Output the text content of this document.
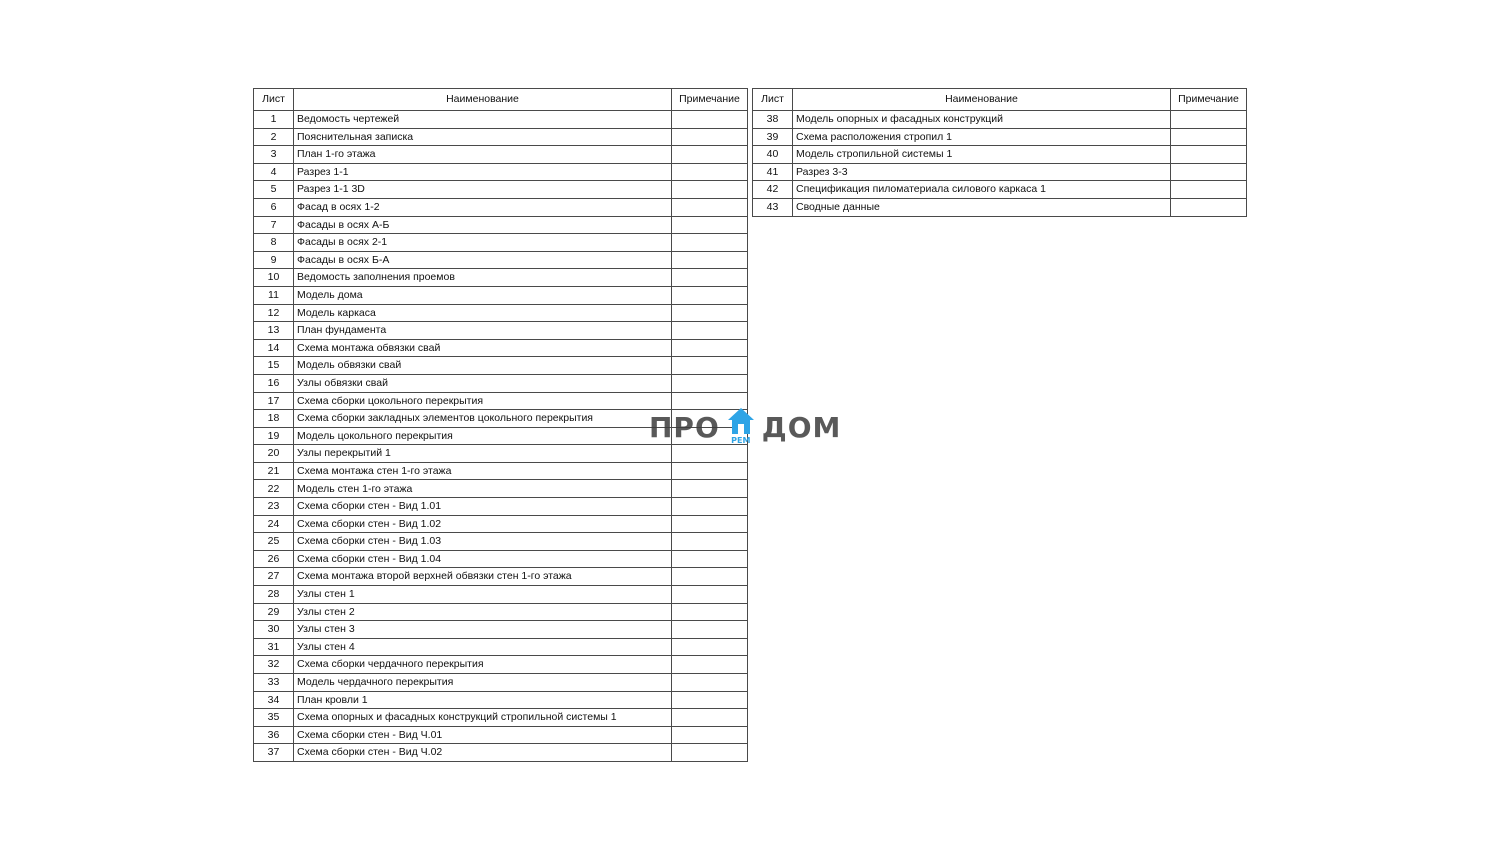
Лист	Наименование	Примечание
1	Ведомость чертежей	
2	Пояснительная записка	
3	План 1-го этажа	
4	Разрез 1-1	
5	Разрез 1-1 3D	
6	Фасад в осях 1-2	
7	Фасады в осях А-Б	
8	Фасады в осях 2-1	
9	Фасады в осях Б-А	
10	Ведомость заполнения проемов	
11	Модель дома	
12	Модель каркаса	
13	План фундамента	
14	Схема монтажа обвязки свай	
15	Модель обвязки свай	
16	Узлы обвязки свай	
17	Схема сборки цокольного перекрытия	
18	Схема сборки закладных элементов цокольного перекрытия	
19	Модель цокольного перекрытия	
20	Узлы перекрытий 1	
21	Схема монтажа стен 1-го этажа	
22	Модель стен 1-го этажа	
23	Схема сборки стен - Вид 1.01	
24	Схема сборки стен - Вид 1.02	
25	Схема сборки стен - Вид 1.03	
26	Схема сборки стен - Вид 1.04	
27	Схема монтажа второй верхней обвязки стен 1-го этажа	
28	Узлы стен 1	
29	Узлы стен 2	
30	Узлы стен 3	
31	Узлы стен 4	
32	Схема сборки чердачного перекрытия	
33	Модель чердачного перекрытия	
34	План кровли 1	
35	Схема опорных и фасадных конструкций стропильной системы 1	
36	Схема сборки стен - Вид Ч.01	
37	Схема сборки стен - Вид Ч.02	
Лист	Наименование	Примечание
38	Модель опорных и фасадных конструкций	
39	Схема расположения стропил 1	
40	Модель стропильной системы 1	
41	Разрез 3-3	
42	Спецификация пиломатериала силового каркаса 1	
43	Сводные данные	
ПРО	РЕМ ДОМ
